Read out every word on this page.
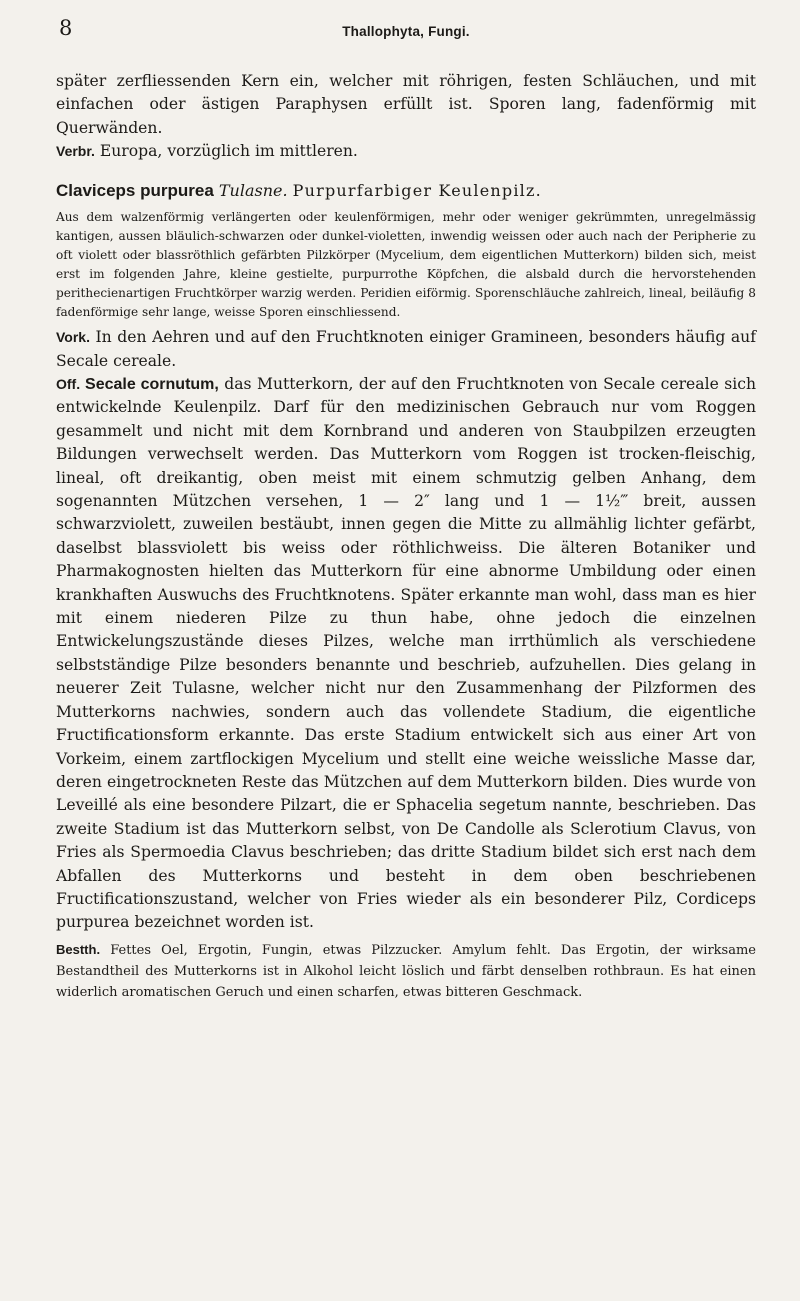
8	Thallophyta, Fungi.

später zerfliessenden Kern ein, welcher mit röhrigen, festen Schläuchen, und mit einfachen oder ästigen Paraphysen erfüllt ist. Sporen lang, fadenförmig mit Querwänden.

Verbr. Europa, vorzüglich im mittleren.

Claviceps purpurea Tulasne. Purpurfarbiger Keulenpilz.

Aus dem walzenförmig verlängerten oder keulenförmigen, mehr oder weniger gekrümmten, unregelmässig kantigen, aussen bläulich-schwarzen oder dunkel-violetten, inwendig weissen oder auch nach der Peripherie zu oft violett oder blassröthlich gefärbten Pilzkörper (Mycelium, dem eigentlichen Mutterkorn) bilden sich, meist erst im folgenden Jahre, kleine gestielte, purpurrothe Köpfchen, die alsbald durch die hervorstehenden perithecienartigen Fruchtkörper warzig werden. Peridien eiförmig. Sporenschläuche zahlreich, lineal, beiläufig 8 fadenförmige sehr lange, weisse Sporen einschliessend.

Vork. In den Aehren und auf den Fruchtknoten einiger Gramineen, besonders häufig auf Secale cereale.

Off. Secale cornutum, das Mutterkorn, der auf den Fruchtknoten von Secale cereale sich entwickelnde Keulenpilz. Darf für den medizinischen Gebrauch nur vom Roggen gesammelt und nicht mit dem Kornbrand und anderen von Staubpilzen erzeugten Bildungen verwechselt werden. Das Mutterkorn vom Roggen ist trocken-fleischig, lineal, oft dreikantig, oben meist mit einem schmutzig gelben Anhang, dem sogenannten Mützchen versehen, 1 — 2″ lang und 1 — 1½‴ breit, aussen schwarzviolett, zuweilen bestäubt, innen gegen die Mitte zu allmählig lichter gefärbt, daselbst blassviolett bis weiss oder röthlichweiss. Die älteren Botaniker und Pharmakognosten hielten das Mutterkorn für eine abnorme Umbildung oder einen krankhaften Auswuchs des Fruchtknotens. Später erkannte man wohl, dass man es hier mit einem niederen Pilze zu thun habe, ohne jedoch die einzelnen Entwickelungszustände dieses Pilzes, welche man irrthümlich als verschiedene selbstständige Pilze besonders benannte und beschrieb, aufzuhellen. Dies gelang in neuerer Zeit Tulasne, welcher nicht nur den Zusammenhang der Pilzformen des Mutterkorns nachwies, sondern auch das vollendete Stadium, die eigentliche Fructificationsform erkannte. Das erste Stadium entwickelt sich aus einer Art von Vorkeim, einem zartflockigen Mycelium und stellt eine weiche weissliche Masse dar, deren eingetrockneten Reste das Mützchen auf dem Mutterkorn bilden. Dies wurde von Leveillé als eine besondere Pilzart, die er Sphacelia segetum nannte, beschrieben. Das zweite Stadium ist das Mutterkorn selbst, von De Candolle als Sclerotium Clavus, von Fries als Spermoedia Clavus beschrieben; das dritte Stadium bildet sich erst nach dem Abfallen des Mutterkorns und besteht in dem oben beschriebenen Fructificationszustand, welcher von Fries wieder als ein besonderer Pilz, Cordiceps purpurea bezeichnet worden ist.

Bestth. Fettes Oel, Ergotin, Fungin, etwas Pilzzucker. Amylum fehlt. Das Ergotin, der wirksame Bestandtheil des Mutterkorns ist in Alkohol leicht löslich und färbt denselben rothbraun. Es hat einen widerlich aromatischen Geruch und einen scharfen, etwas bitteren Geschmack.
